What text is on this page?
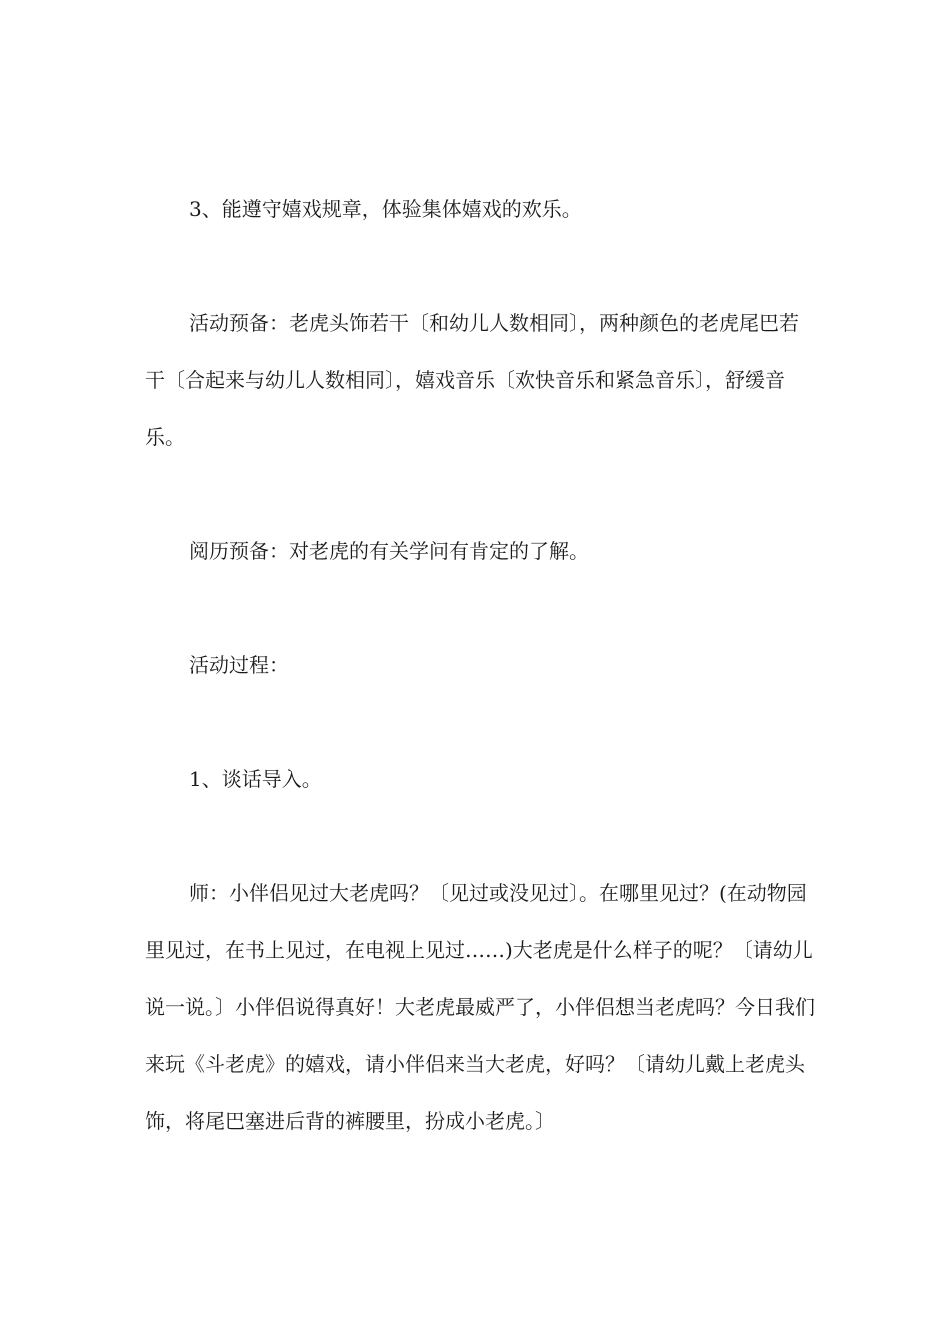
3、能遵守嬉戏规章，体验集体嬉戏的欢乐。

活动预备：老虎头饰若干〔和幼儿人数相同〕，两种颜色的老虎尾巴若干〔合起来与幼儿人数相同〕，嬉戏音乐〔欢快音乐和紧急音乐〕，舒缓音乐。

阅历预备：对老虎的有关学问有肯定的了解。

活动过程：

1、谈话导入。

师：小伴侣见过大老虎吗？〔见过或没见过〕。在哪里见过？(在动物园里见过，在书上见过，在电视上见过……)大老虎是什么样子的呢？〔请幼儿说一说。〕小伴侣说得真好！大老虎最威严了，小伴侣想当老虎吗？今日我们来玩《斗老虎》的嬉戏，请小伴侣来当大老虎，好吗？〔请幼儿戴上老虎头饰，将尾巴塞进后背的裤腰里，扮成小老虎。〕
